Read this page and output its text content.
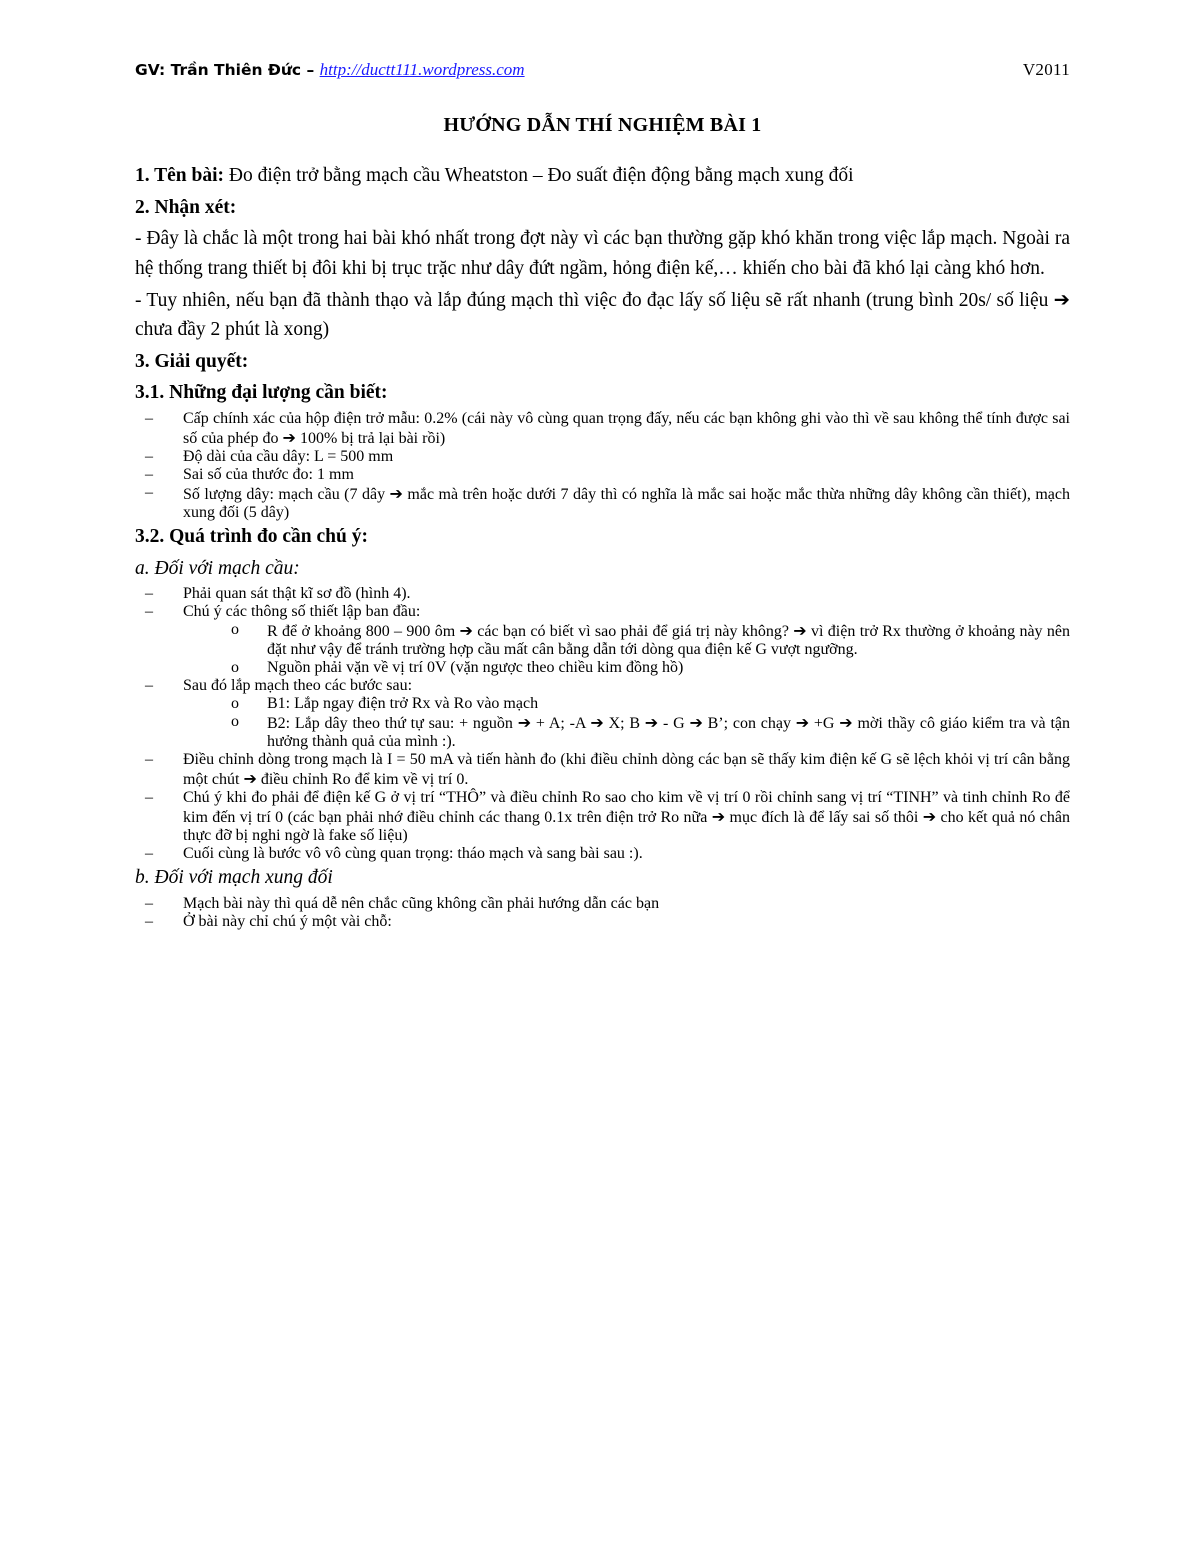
GV: Trần Thiên Đức – http://ductt111.wordpress.com	V2011
HƯỚNG DẪN THÍ NGHIỆM BÀI 1

1. Tên bài: Đo điện trở bằng mạch cầu Wheatston – Đo suất điện động bằng mạch xung đối

2. Nhận xét:

- Đây là chắc là một trong hai bài khó nhất trong đợt này vì các bạn thường gặp khó khăn trong việc lắp mạch. Ngoài ra hệ thống trang thiết bị đôi khi bị trục trặc như dây đứt ngầm, hỏng điện kế,… khiến cho bài đã khó lại càng khó hơn.

- Tuy nhiên, nếu bạn đã thành thạo và lắp đúng mạch thì việc đo đạc lấy số liệu sẽ rất nhanh (trung bình 20s/ số liệu ➔ chưa đầy 2 phút là xong)

3. Giải quyết:

3.1. Những đại lượng cần biết:

–	Cấp chính xác của hộp điện trở mẫu: 0.2% (cái này vô cùng quan trọng đấy, nếu các bạn không ghi vào thì về sau không thể tính được sai số của phép đo ➔ 100% bị trả lại bài rồi)
–	Độ dài của cầu dây: L = 500 mm
–	Sai số của thước đo: 1 mm
–	Số lượng dây: mạch cầu (7 dây ➔ mắc mà trên hoặc dưới 7 dây thì có nghĩa là mắc sai hoặc mắc thừa những dây không cần thiết), mạch xung đối (5 dây)

3.2. Quá trình đo cần chú ý:

a. Đối với mạch cầu:

–	Phải quan sát thật kĩ sơ đồ (hình 4).
–	Chú ý các thông số thiết lập ban đầu:
o	R để ở khoảng 800 – 900 ôm ➔ các bạn có biết vì sao phải để giá trị này không? ➔ vì điện trở Rx thường ở khoảng này nên đặt như vậy để tránh trường hợp cầu mất cân bằng dẫn tới dòng qua điện kế G vượt ngưỡng.
o	Nguồn phải vặn về vị trí 0V (vặn ngược theo chiều kim đồng hồ)
–	Sau đó lắp mạch theo các bước sau:
o	B1: Lắp ngay điện trở Rx và Ro vào mạch
o	B2: Lắp dây theo thứ tự sau: + nguồn ➔ + A; -A ➔ X; B ➔ - G ➔ B’; con chạy ➔ +G ➔ mời thầy cô giáo kiểm tra và tận hưởng thành quả của mình :).
–	Điều chỉnh dòng trong mạch là I = 50 mA và tiến hành đo (khi điều chỉnh dòng các bạn sẽ thấy kim điện kế G sẽ lệch khỏi vị trí cân bằng một chút ➔ điều chỉnh Ro để kim về vị trí 0.
–	Chú ý khi đo phải để điện kế G ở vị trí “THÔ” và điều chỉnh Ro sao cho kim về vị trí 0 rồi chỉnh sang vị trí “TINH” và tinh chỉnh Ro để kim đến vị trí 0 (các bạn phải nhớ điều chỉnh các thang 0.1x trên điện trở Ro nữa ➔ mục đích là để lấy sai số thôi ➔ cho kết quả nó chân thực đỡ bị nghi ngờ là fake số liệu)
–	Cuối cùng là bước vô vô cùng quan trọng: tháo mạch và sang bài sau :).

b. Đối với mạch xung đối

–	Mạch bài này thì quá dễ nên chắc cũng không cần phải hướng dẫn các bạn
–	Ở bài này chỉ chú ý một vài chỗ:
